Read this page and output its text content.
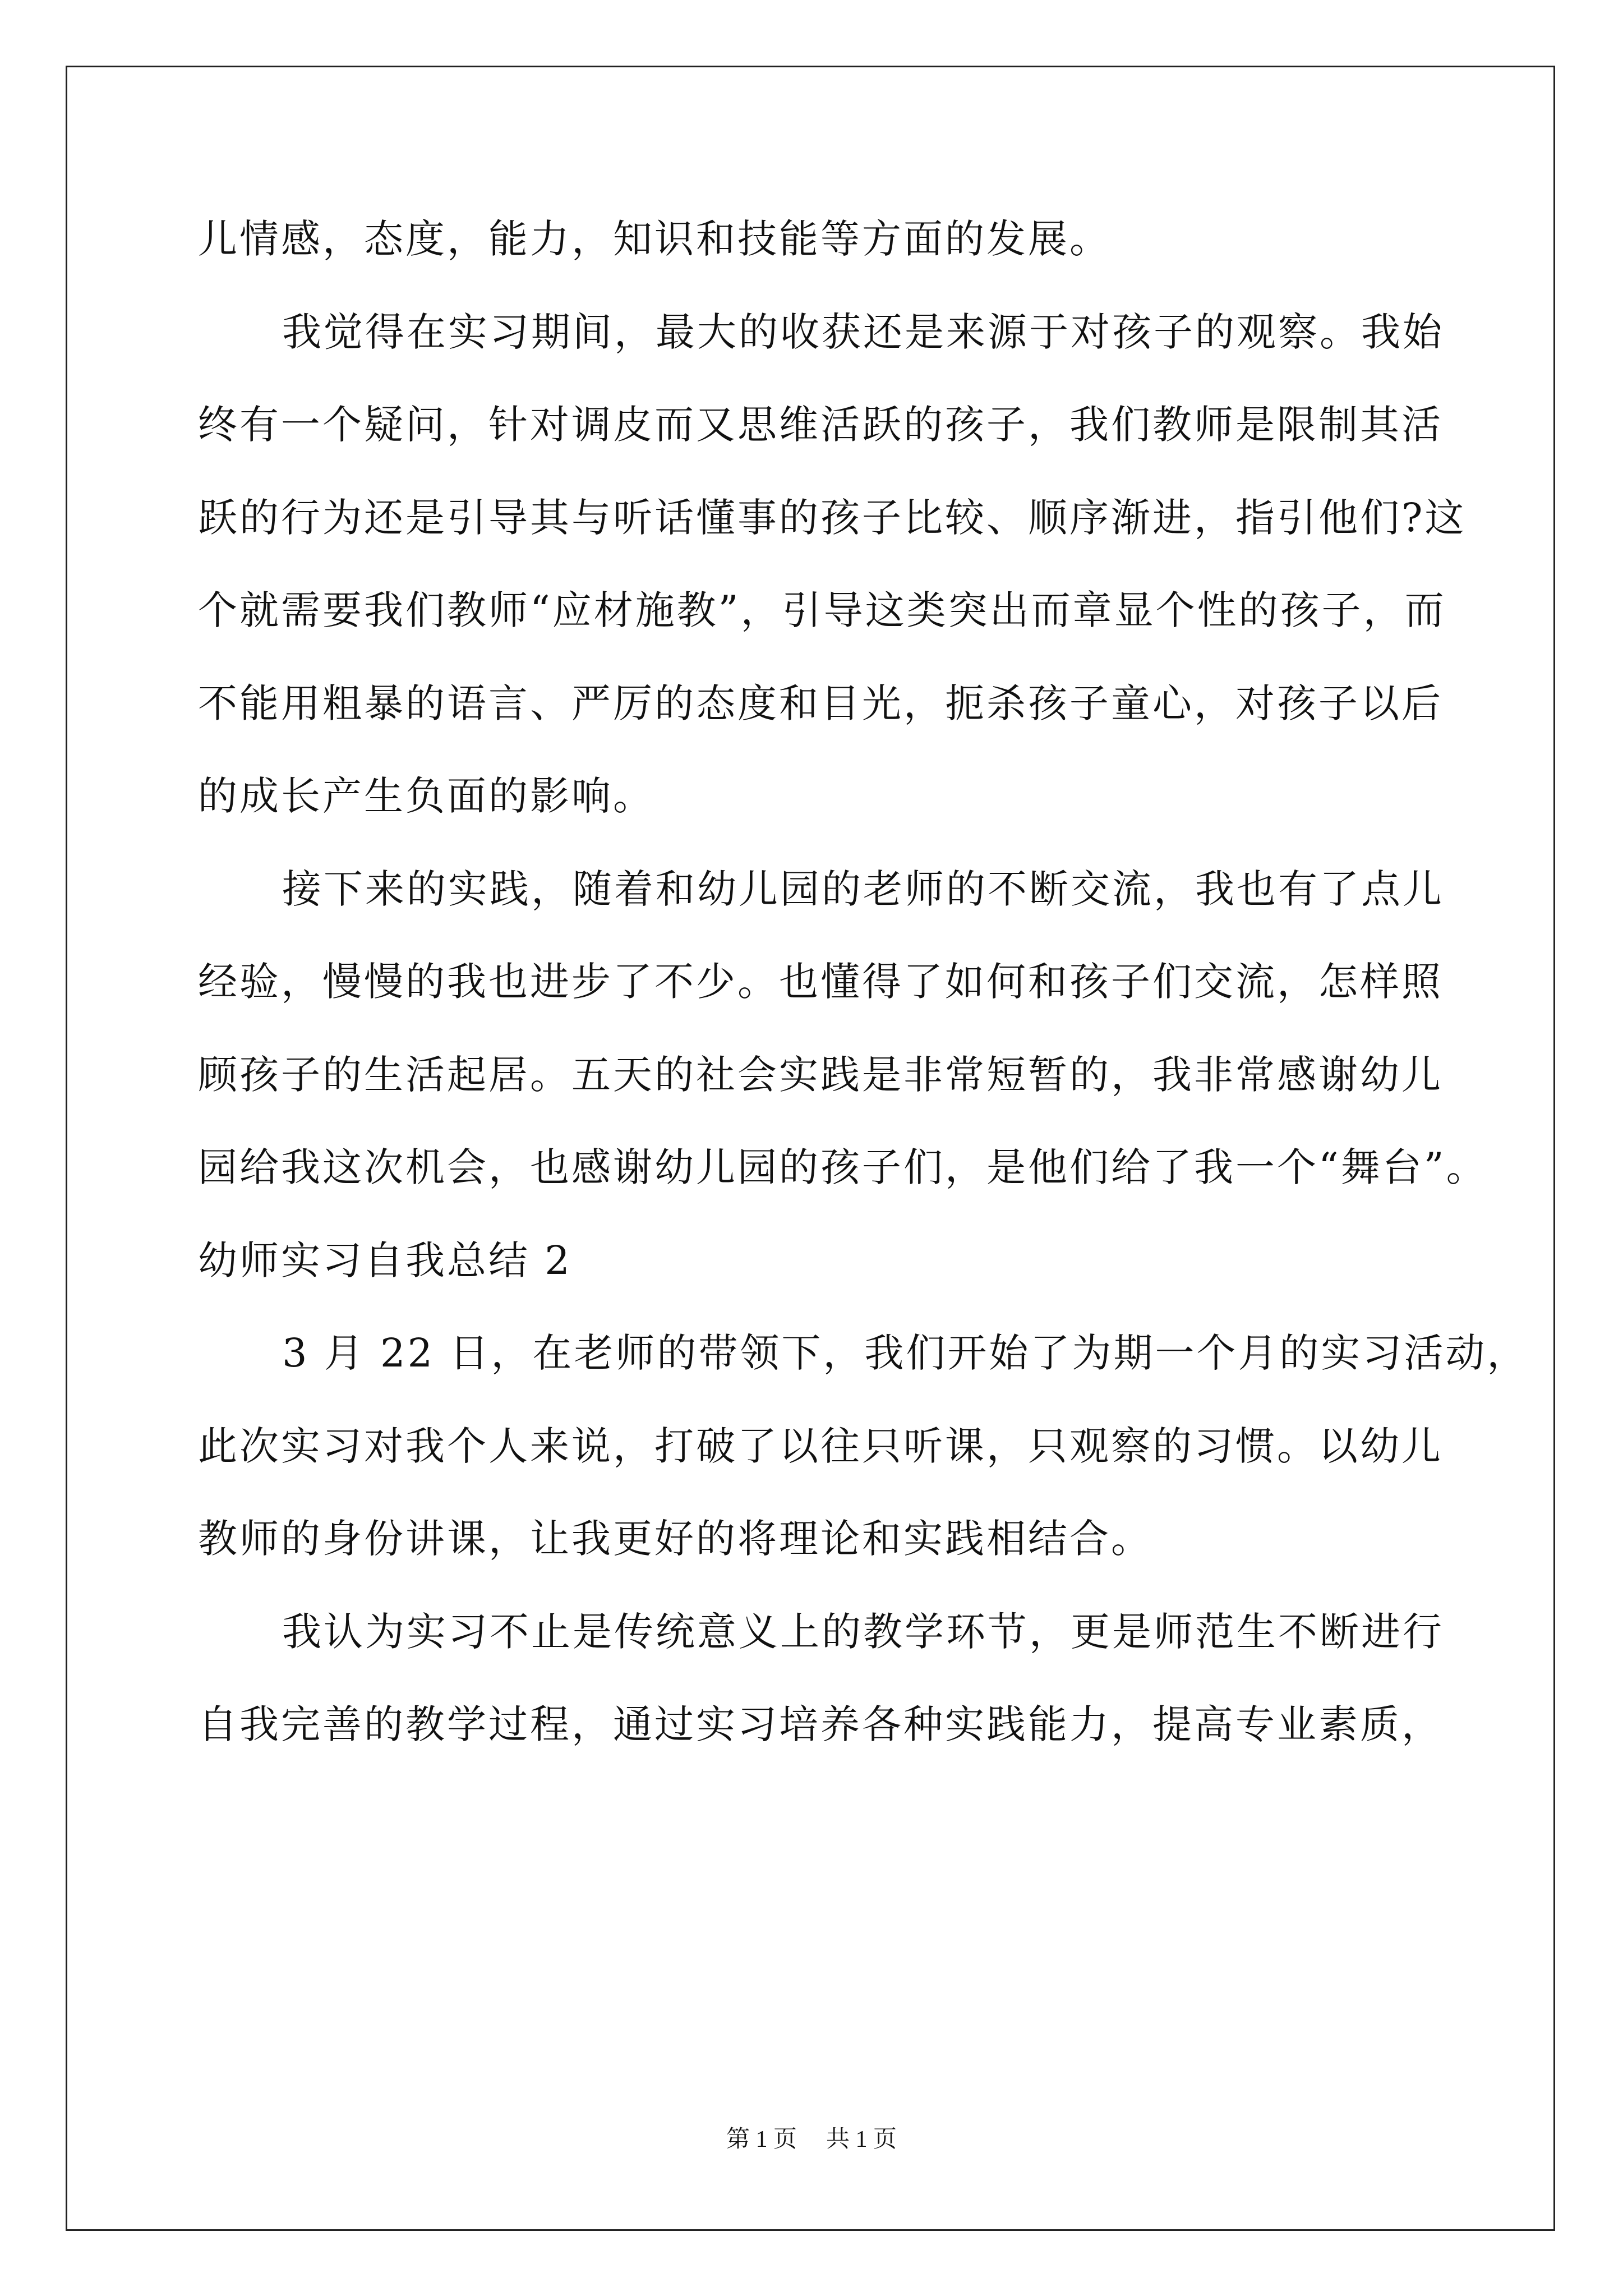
儿情感，态度，能力，知识和技能等方面的发展。
我觉得在实习期间，最大的收获还是来源于对孩子的观察。我始
终有一个疑问，针对调皮而又思维活跃的孩子，我们教师是限制其活
跃的行为还是引导其与听话懂事的孩子比较、顺序渐进，指引他们?这
个就需要我们教师“应材施教”，引导这类突出而章显个性的孩子，而
不能用粗暴的语言、严厉的态度和目光，扼杀孩子童心，对孩子以后
的成长产生负面的影响。
接下来的实践，随着和幼儿园的老师的不断交流，我也有了点儿
经验，慢慢的我也进步了不少。也懂得了如何和孩子们交流，怎样照
顾孩子的生活起居。五天的社会实践是非常短暂的，我非常感谢幼儿
园给我这次机会，也感谢幼儿园的孩子们，是他们给了我一个“舞台”。
幼师实习自我总结 2
3 月 22 日，在老师的带领下，我们开始了为期一个月的实习活动，
此次实习对我个人来说，打破了以往只听课，只观察的习惯。以幼儿
教师的身份讲课，让我更好的将理论和实践相结合。
我认为实习不止是传统意义上的教学环节，更是师范生不断进行
自我完善的教学过程，通过实习培养各种实践能力，提高专业素质，
第 1 页 共 1 页
